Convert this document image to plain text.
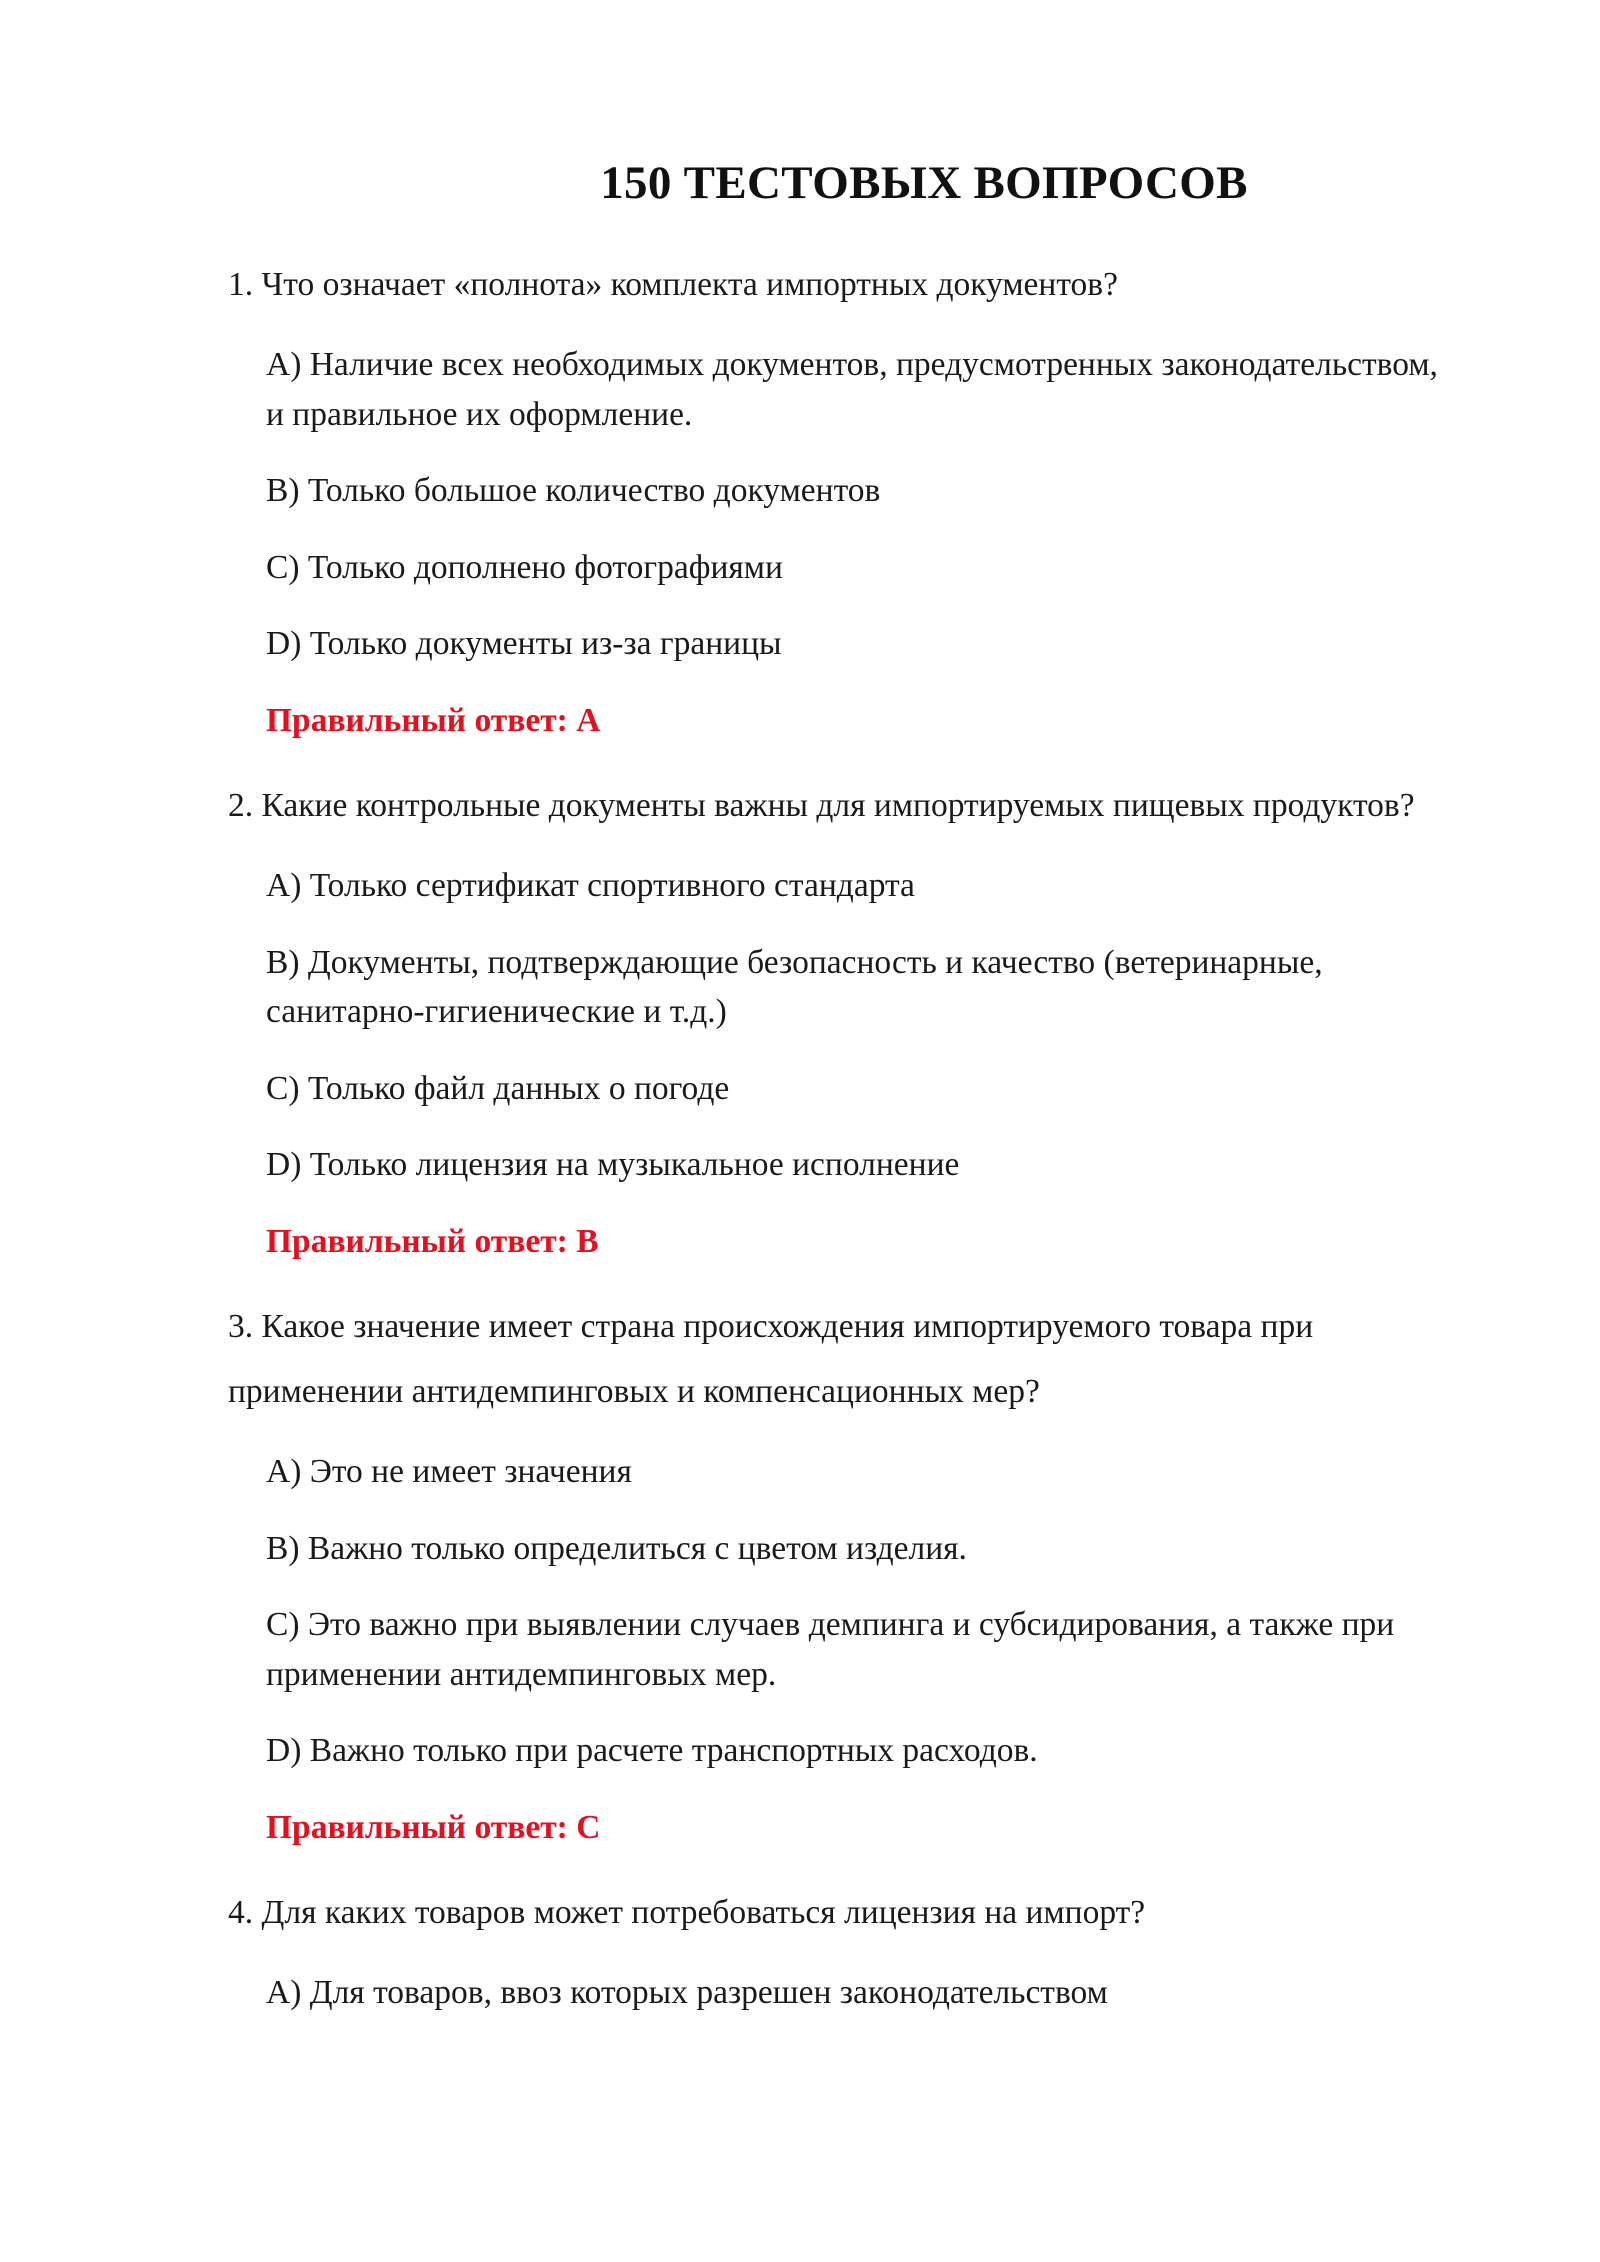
150 ТЕСТОВЫХ ВОПРОСОВ

1. Что означает «полнота» комплекта импортных документов?

A) Наличие всех необходимых документов, предусмотренных законодательством, и правильное их оформление.
B) Только большое количество документов
C) Только дополнено фотографиями
D) Только документы из-за границы

Правильный ответ: A

2. Какие контрольные документы важны для импортируемых пищевых продуктов?

A) Только сертификат спортивного стандарта
B) Документы, подтверждающие безопасность и качество (ветеринарные, санитарно-гигиенические и т.д.)
C) Только файл данных о погоде
D) Только лицензия на музыкальное исполнение

Правильный ответ: B

3. Какое значение имеет страна происхождения импортируемого товара при применении антидемпинговых и компенсационных мер?

A) Это не имеет значения
B) Важно только определиться с цветом изделия.
C) Это важно при выявлении случаев демпинга и субсидирования, а также при применении антидемпинговых мер.
D) Важно только при расчете транспортных расходов.

Правильный ответ: C

4. Для каких товаров может потребоваться лицензия на импорт?

A) Для товаров, ввоз которых разрешен законодательством
